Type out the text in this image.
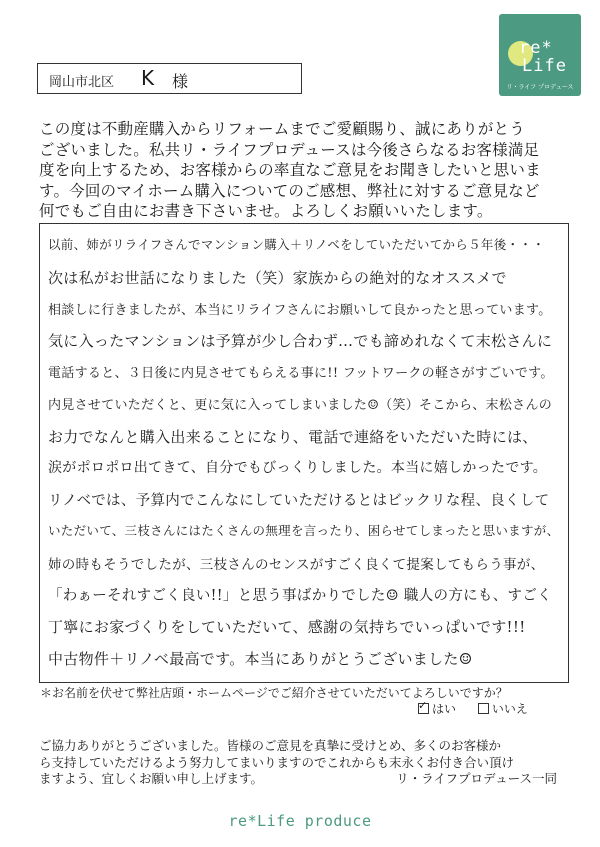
re*
Life
リ・ライフ プロデュース
岡山市北区 K 様
この度は不動産購入からリフォームまでご愛顧賜り、誠にありがとう
ございました。私共リ・ライフプロデュースは今後さらなるお客様満足
度を向上するため、お客様からの率直なご意見をお聞きしたいと思いま
す。今回のマイホーム購入についてのご感想、弊社に対するご意見など
何でもご自由にお書き下さいませ。よろしくお願いいたします。
以前、姉がリライフさんでマンション購入＋リノベをしていただいてから５年後・・・
次は私がお世話になりました（笑）家族からの絶対的なオススメで
相談しに行きましたが、本当にリライフさんにお願いして良かったと思っています。
気に入ったマンションは予算が少し合わず…でも諦めれなくて末松さんに
電話すると、３日後に内見させてもらえる事に!! フットワークの軽さがすごいです。
内見させていただくと、更に気に入ってしまいました☺（笑）そこから、末松さんの
お力でなんと購入出来ることになり、電話で連絡をいただいた時には、
涙がポロポロ出てきて、自分でもびっくりしました。本当に嬉しかったです。
リノベでは、予算内でこんなにしていただけるとはビックリな程、良くして
いただいて、三枝さんにはたくさんの無理を言ったり、困らせてしまったと思いますが、
姉の時もそうでしたが、三枝さんのセンスがすごく良くて提案してもらう事が、
「わぁーそれすごく良い!!」と思う事ばかりでした☺ 職人の方にも、すごく
丁寧にお家づくりをしていただいて、感謝の気持ちでいっぱいです!!!
中古物件＋リノベ最高です。本当にありがとうございました☺
＊お名前を伏せて弊社店頭・ホームページでご紹介させていただいてよろしいですか？
✓はい	いいえ
ご協力ありがとうございました。皆様のご意見を真摯に受けとめ、多くのお客様か
ら支持していただけるよう努力してまいりますのでこれからも末永くお付き合い頂け
ますよう、宜しくお願い申し上げます。	リ・ライフプロデュース一同
re*Life produce
